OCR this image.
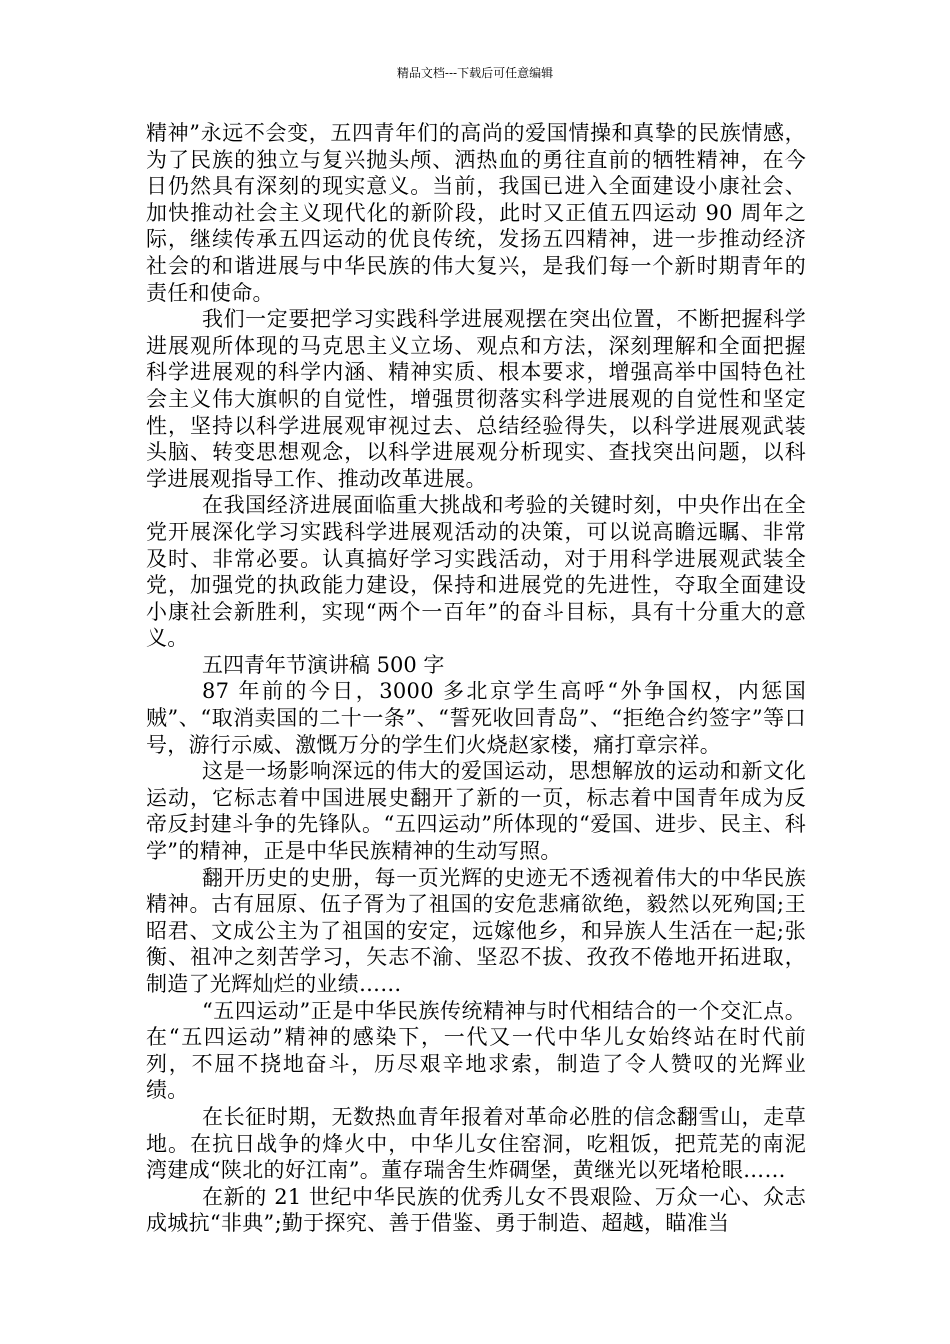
精品文档---下载后可任意编辑

精神”永远不会变，五四青年们的高尚的爱国情操和真挚的民族情感，为了民族的独立与复兴抛头颅、洒热血的勇往直前的牺牲精神，在今日仍然具有深刻的现实意义。当前，我国已进入全面建设小康社会、加快推动社会主义现代化的新阶段，此时又正值五四运动 90 周年之际，继续传承五四运动的优良传统，发扬五四精神，进一步推动经济社会的和谐进展与中华民族的伟大复兴，是我们每一个新时期青年的责任和使命。

我们一定要把学习实践科学进展观摆在突出位置，不断把握科学进展观所体现的马克思主义立场、观点和方法，深刻理解和全面把握科学进展观的科学内涵、精神实质、根本要求，增强高举中国特色社会主义伟大旗帜的自觉性，增强贯彻落实科学进展观的自觉性和坚定性，坚持以科学进展观审视过去、总结经验得失，以科学进展观武装头脑、转变思想观念，以科学进展观分析现实、查找突出问题，以科学进展观指导工作、推动改革进展。

在我国经济进展面临重大挑战和考验的关键时刻，中央作出在全党开展深化学习实践科学进展观活动的决策，可以说高瞻远瞩、非常及时、非常必要。认真搞好学习实践活动，对于用科学进展观武装全党，加强党的执政能力建设，保持和进展党的先进性，夺取全面建设小康社会新胜利，实现“两个一百年”的奋斗目标，具有十分重大的意义。

五四青年节演讲稿 500 字

87 年前的今日，3000 多北京学生高呼“外争国权，内惩国贼”、“取消卖国的二十一条”、“誓死收回青岛”、“拒绝合约签字”等口号，游行示威、激慨万分的学生们火烧赵家楼，痛打章宗祥。

这是一场影响深远的伟大的爱国运动，思想解放的运动和新文化运动，它标志着中国进展史翻开了新的一页，标志着中国青年成为反帝反封建斗争的先锋队。“五四运动”所体现的“爱国、进步、民主、科学”的精神，正是中华民族精神的生动写照。

翻开历史的史册，每一页光辉的史迹无不透视着伟大的中华民族精神。古有屈原、伍子胥为了祖国的安危悲痛欲绝，毅然以死殉国;王昭君、文成公主为了祖国的安定，远嫁他乡，和异族人生活在一起;张衡、祖冲之刻苦学习，矢志不渝、坚忍不拔、孜孜不倦地开拓进取，制造了光辉灿烂的业绩……

“五四运动”正是中华民族传统精神与时代相结合的一个交汇点。在“五四运动”精神的感染下，一代又一代中华儿女始终站在时代前列，不屈不挠地奋斗，历尽艰辛地求索，制造了令人赞叹的光辉业绩。

在长征时期，无数热血青年报着对革命必胜的信念翻雪山，走草地。在抗日战争的烽火中，中华儿女住窑洞，吃粗饭，把荒芜的南泥湾建成“陕北的好江南”。董存瑞舍生炸碉堡，黄继光以死堵枪眼……

在新的 21 世纪中华民族的优秀儿女不畏艰险、万众一心、众志成城抗“非典”;勤于探究、善于借鉴、勇于制造、超越，瞄准当
